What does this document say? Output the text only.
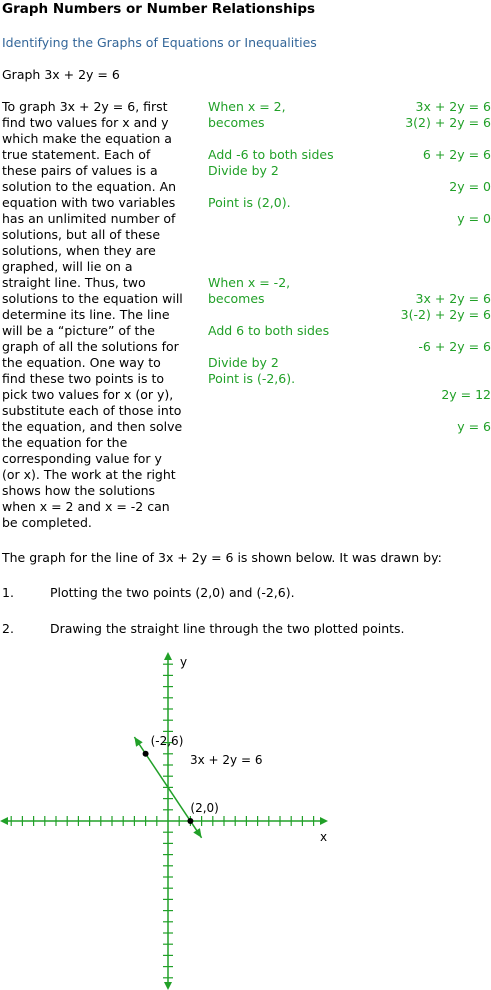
Graph Numbers or Number Relationships
Identifying the Graphs of Equations or Inequalities
Graph 3x + 2y = 6
To graph 3x + 2y = 6, first
find two values for x and y
which make the equation a
true statement. Each of
these pairs of values is a
solution to the equation. An
equation with two variables
has an unlimited number of
solutions, but all of these
solutions, when they are
graphed, will lie on a
straight line. Thus, two
solutions to the equation will
determine its line. The line
will be a “picture” of the
graph of all the solutions for
the equation. One way to
find these two points is to
pick two values for x (or y),
substitute each of those into
the equation, and then solve
the equation for the
corresponding value for y
(or x). The work at the right
shows how the solutions
when x = 2 and x = -2 can
be completed.
When x = 2,
becomes
Add -6 to both sides
Divide by 2
Point is (2,0).
3x + 2y = 6
3(2) + 2y = 6
6 + 2y = 6
2y = 0
y = 0
When x = -2,
becomes
Add 6 to both sides
Divide by 2
Point is (-2,6).
3x + 2y = 6
3(-2) + 2y = 6
-6 + 2y = 6
2y = 12
y = 6
The graph for the line of 3x + 2y = 6 is shown below. It was drawn by:
1.	Plotting the two points (2,0) and (-2,6).
2.	Drawing the straight line through the two plotted points.
(-2,6)
(2,0)
3x + 2y = 6
x
y
